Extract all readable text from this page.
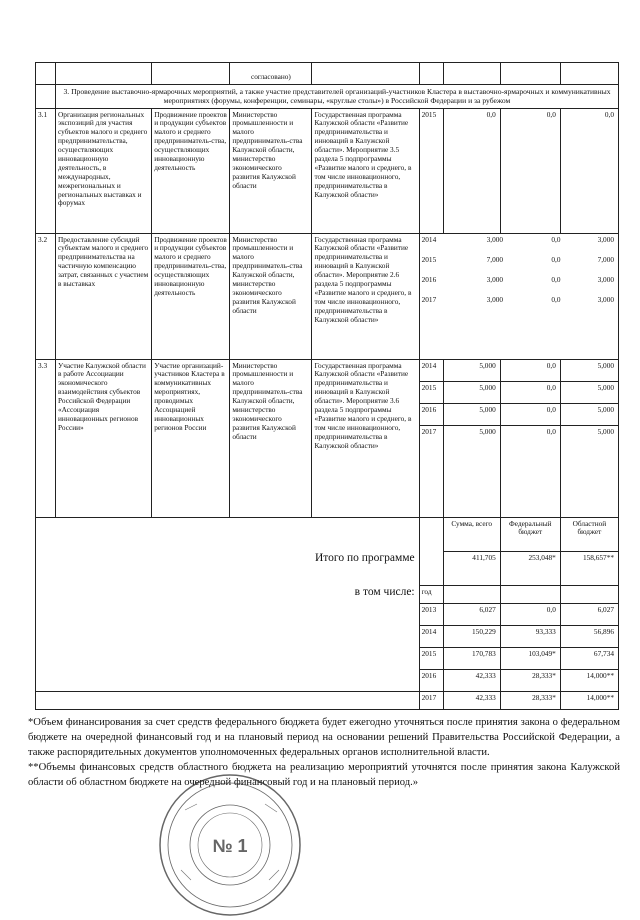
			согласовано)					
	3. Проведение выставочно-ярмарочных мероприятий, а также участие представителей организаций-участников Кластера в выставочно-ярмарочных и коммуникативных мероприятиях (форумы, конференции, семинары, «круглые столы») в Российской Федерации и за рубежом
3.1	Организация региональных экспозиций для участия субъектов малого и среднего предпринимательства, осуществляющих инновационную деятельность, в международных, межрегиональных и региональных выставках и форумах	Продвижение проектов и продукции субъектов малого и среднего предприниматель-ства, осуществляющих инновационную деятельность	Министерство промышленности и малого предприниматель-ства Калужской области, министерство экономического развития Калужской области	Государственная программа Калужской области «Развитие предпринимательства и инноваций в Калужской области». Мероприятие 3.5 раздела 5 подпрограммы «Развитие малого и среднего, в том числе инновационного, предпринимательства в Калужской области»	2015	0,0	0,0	0,0
3.2	Предоставление субсидий субъектам малого и среднего предпринимательства на частичную компенсацию затрат, связанных с участием в выставках	Продвижение проектов и продукции субъектов малого и среднего предприниматель-ства, осуществляющих инновационную деятельность	Министерство промышленности и малого предприниматель-ства Калужской области, министерство экономического развития Калужской области	Государственная программа Калужской области «Развитие предпринимательства и инноваций в Калужской области». Мероприятие 2.6 раздела 5 подпрограммы «Развитие малого и среднего, в том числе инновационного, предпринимательства в Калужской области»	
2014	3,000	0,0	3,000
2015	7,000	0,0	7,000
2016	3,000	0,0	3,000
2017	3,000	0,0	3,000

3.3	Участие Калужской области в работе Ассоциации экономического взаимодействия субъектов Российской Федерации «Ассоциация инновационных регионов России»	Участие организаций-участников Кластера в коммуникативных мероприятиях, проводимых Ассоциацией инновационных регионов России	Министерство промышленности и малого предприниматель-ства Калужской области, министерство экономического развития Калужской области	Государственная программа Калужской области «Развитие предпринимательства и инноваций в Калужской области». Мероприятие 3.6 раздела 5 подпрограммы «Развитие малого и среднего, в том числе инновационного, предпринимательства в Калужской области»	2014	5,000	0,0	5,000
2015	5,000	0,0	5,000
2016	5,000	0,0	5,000
2017	5,000	0,0	5,000

Итого по программе
в том числе:
		Сумма, всего	Федеральный бюджет	Областной бюджет
	411,705	253,048*	158,657**
год			
	2013	6,027	0,0	6,027
	2014	150,229	93,333	56,896
	2015	170,783	103,049*	67,734
	2016	42,333	28,333*	14,000**
	2017	42,333	28,333*	14,000**

*Объем финансирования за счет средств федерального бюджета будет ежегодно уточняться после принятия закона о федеральном бюджете на очередной финансовый год и на плановый период на основании решений Правительства Российской Федерации, а также распорядительных документов уполномоченных федеральных органов исполнительной власти.

**Объемы финансовых средств областного бюджета на реализацию мероприятий уточнятся после принятия закона Калужской области об областном бюджете на очередной финансовый год и на плановый период.»

№ 1
